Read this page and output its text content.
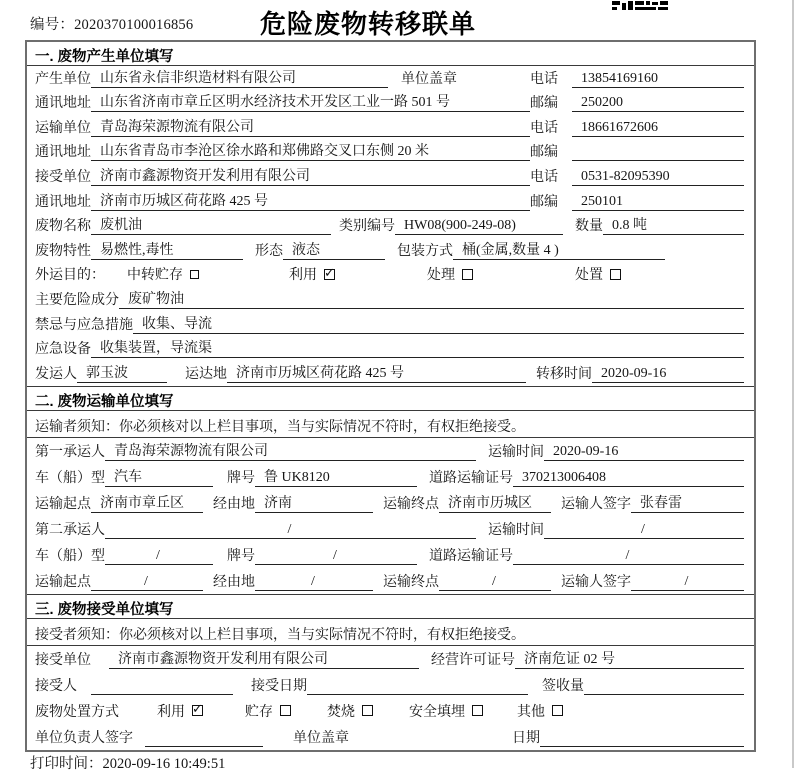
编号：2020370100016856	危险废物转移联单
一. 废物产生单位填写
产生单位 山东省永信非织造材料有限公司	单位盖章	电话	13854169160
通讯地址 山东省济南市章丘区明水经济技术开发区工业一路 501 号	邮编	250200
运输单位 青岛海荣源物流有限公司	电话	18661672606
通讯地址 山东省青岛市李沧区徐水路和郑佛路交叉口东侧 20 米	邮编
接受单位 济南市鑫源物资开发利用有限公司	电话	0531-82095390
通讯地址 济南市历城区荷花路 425 号	邮编	250101
废物名称 废机油	类别编号 HW08(900-249-08)	数量 0.8 吨
废物特性 易燃性,毒性	形态 液态	包装方式 桶(金属,数量 4 )
外运目的： 中转贮存	利用 ✓	处理	处置
主要危险成分 废矿物油
禁忌与应急措施 收集、导流
应急设备 收集装置，导流渠
发运人 郭玉波	运达地 济南市历城区荷花路 425 号	转移时间 2020-09-16
二. 废物运输单位填写
运输者须知：你必须核对以上栏目事项，当与实际情况不符时，有权拒绝接受。
第一承运人 青岛海荣源物流有限公司	运输时间 2020-09-16
车（船）型 汽车	牌号 鲁 UK8120	道路运输证号 370213006408
运输起点 济南市章丘区	经由地 济南	运输终点 济南市历城区	运输人签字 张春雷
第二承运人	/	运输时间	/
车（船）型	/	牌号	/	道路运输证号	/
运输起点	/	经由地	/	运输终点	/	运输人签字	/
三. 废物接受单位填写
接受者须知：你必须核对以上栏目事项，当与实际情况不符时，有权拒绝接受。
接受单位	济南市鑫源物资开发利用有限公司	经营许可证号 济南危证 02 号
接受人	接受日期	签收量
废物处置方式	利用 ✓	贮存	焚烧	安全填埋	其他
单位负责人签字	单位盖章	日期
打印时间：2020-09-16 10:49:51
